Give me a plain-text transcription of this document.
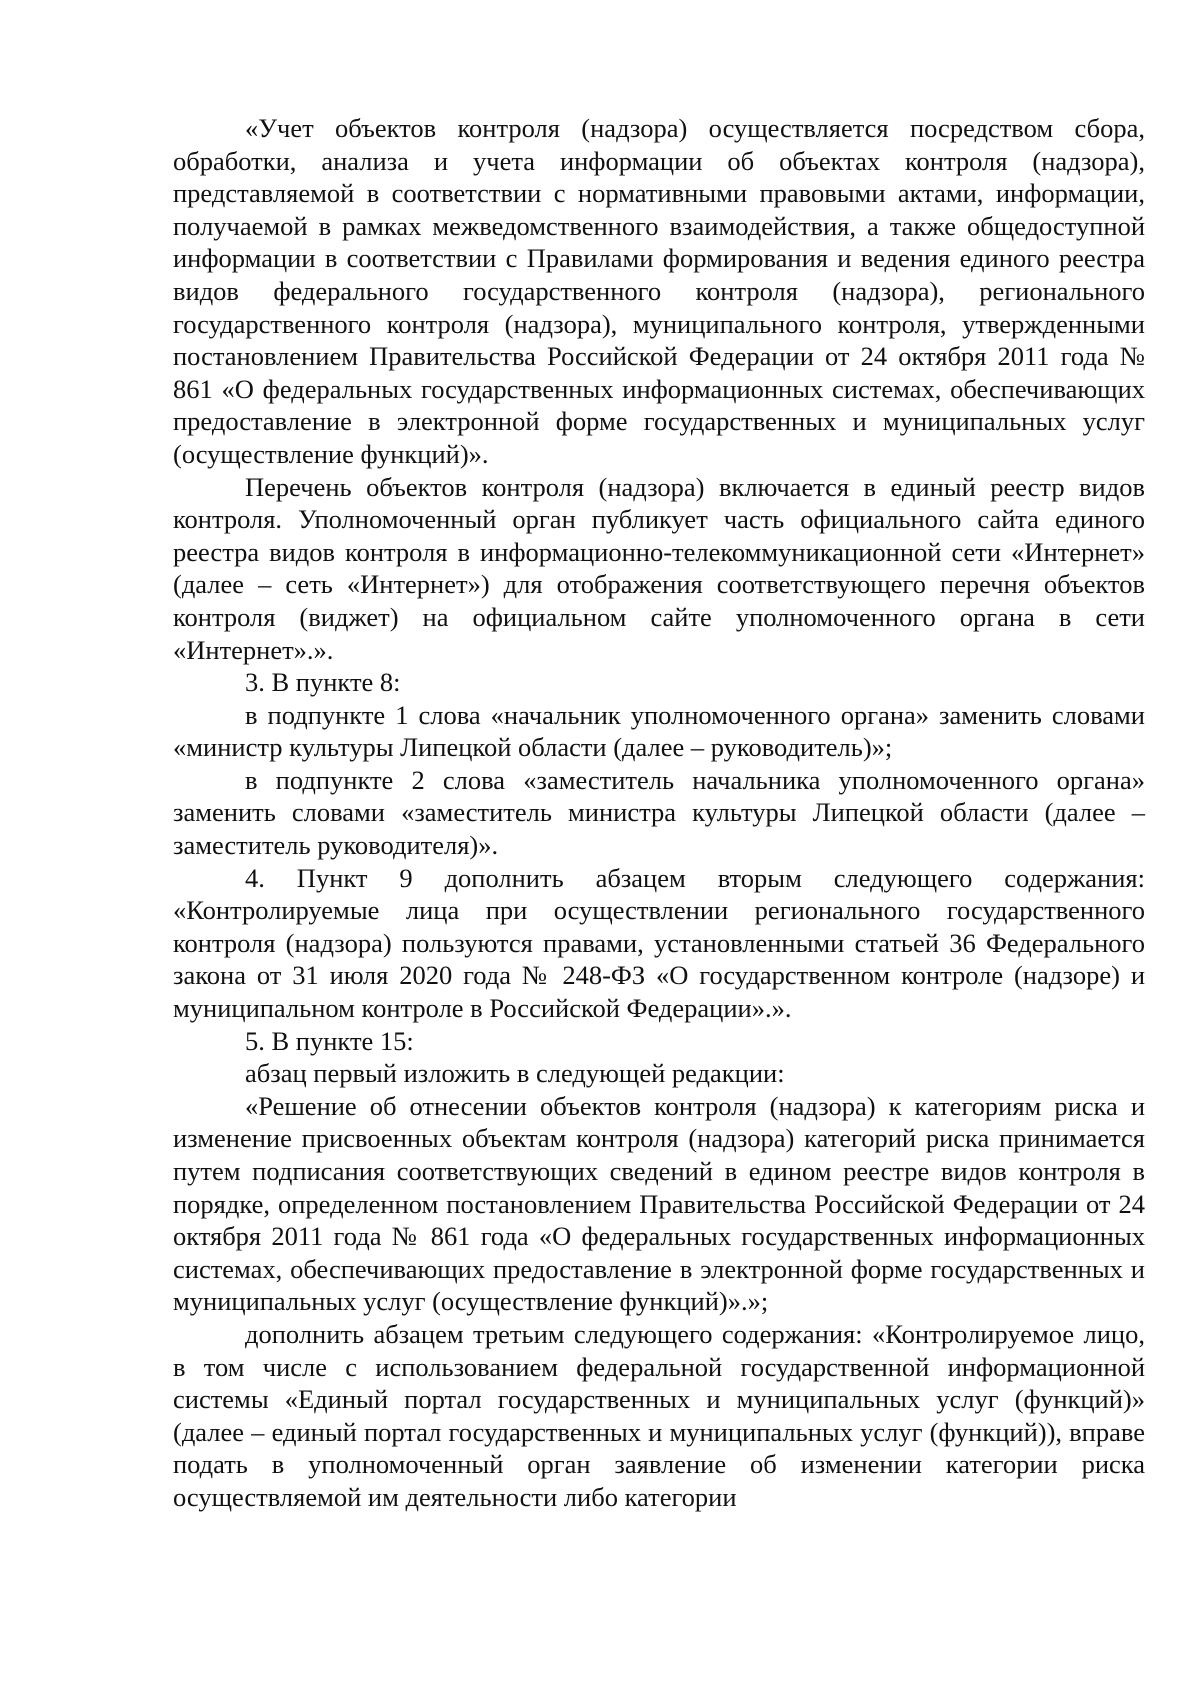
«Учет объектов контроля (надзора) осуществляется посредством сбора, обработки, анализа и учета информации об объектах контроля (надзора), представляемой в соответствии с нормативными правовыми актами, информации, получаемой в рамках межведомственного взаимодействия, а также общедоступной информации в соответствии с Правилами формирования и ведения единого реестра видов федерального государственного контроля (надзора), регионального государственного контроля (надзора), муниципального контроля, утвержденными постановлением Правительства Российской Федерации от 24 октября 2011 года № 861 «О федеральных государственных информационных системах, обеспечивающих предоставление в электронной форме государственных и муниципальных услуг (осуществление функций)».

Перечень объектов контроля (надзора) включается в единый реестр видов контроля. Уполномоченный орган публикует часть официального сайта единого реестра видов контроля в информационно-телекоммуникационной сети «Интернет» (далее – сеть «Интернет») для отображения соответствующего перечня объектов контроля (виджет) на официальном сайте уполномоченного органа в сети «Интернет».».

3. В пункте 8:

в подпункте 1 слова «начальник уполномоченного органа» заменить словами «министр культуры Липецкой области (далее – руководитель)»;

в подпункте 2 слова «заместитель начальника уполномоченного органа» заменить словами «заместитель министра культуры Липецкой области (далее – заместитель руководителя)».

4. Пункт 9 дополнить абзацем вторым следующего содержания: «Контролируемые лица при осуществлении регионального государственного контроля (надзора) пользуются правами, установленными статьей 36 Федерального закона от 31 июля 2020 года № 248-ФЗ «О государственном контроле (надзоре) и муниципальном контроле в Российской Федерации».».

5. В пункте 15:

абзац первый изложить в следующей редакции:

«Решение об отнесении объектов контроля (надзора) к категориям риска и изменение присвоенных объектам контроля (надзора) категорий риска принимается путем подписания соответствующих сведений в едином реестре видов контроля в порядке, определенном постановлением Правительства Российской Федерации от 24 октября 2011 года № 861 года «О федеральных государственных информационных системах, обеспечивающих предоставление в электронной форме государственных и муниципальных услуг (осуществление функций)».»;

дополнить абзацем третьим следующего содержания: «Контролируемое лицо, в том числе с использованием федеральной государственной информационной системы «Единый портал государственных и муниципальных услуг (функций)» (далее – единый портал государственных и муниципальных услуг (функций)), вправе подать в уполномоченный орган заявление об изменении категории риска осуществляемой им деятельности либо категории
